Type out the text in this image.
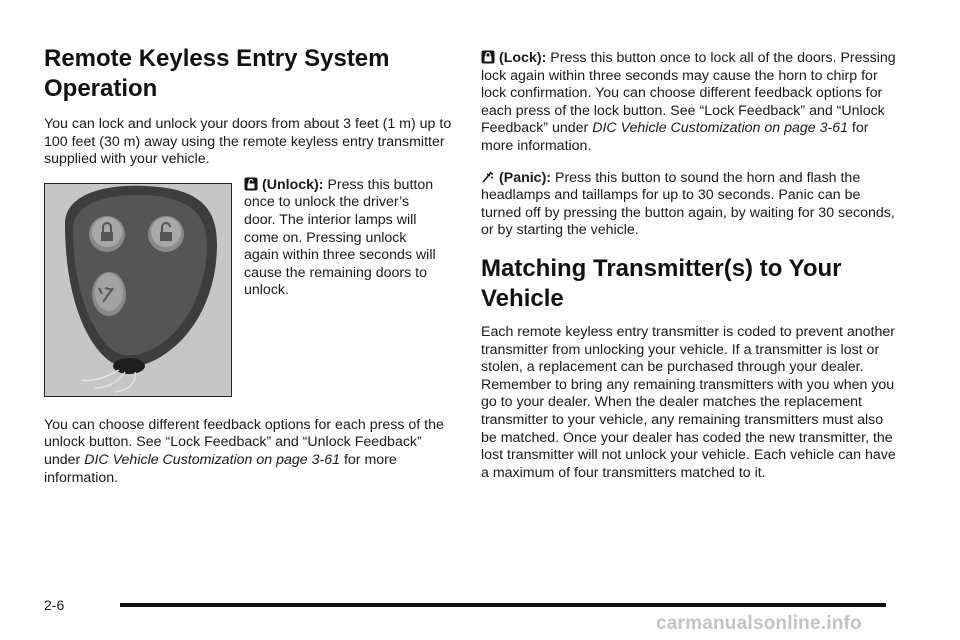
Remote Keyless Entry System Operation

You can lock and unlock your doors from about 3 feet (1 m) up to 100 feet (30 m) away using the remote keyless entry transmitter supplied with your vehicle.

(Unlock): Press this button once to unlock the driver’s door. The interior lamps will come on. Pressing unlock again within three seconds will cause the remaining doors to unlock.

You can choose different feedback options for each press of the unlock button. See “Lock Feedback” and “Unlock Feedback” under DIC Vehicle Customization on page 3-61 for more information.

(Lock): Press this button once to lock all of the doors. Pressing lock again within three seconds may cause the horn to chirp for lock confirmation. You can choose different feedback options for each press of the lock button. See “Lock Feedback” and “Unlock Feedback” under DIC Vehicle Customization on page 3-61 for more information.

(Panic): Press this button to sound the horn and flash the headlamps and taillamps for up to 30 seconds. Panic can be turned off by pressing the button again, by waiting for 30 seconds, or by starting the vehicle.

Matching Transmitter(s) to Your Vehicle

Each remote keyless entry transmitter is coded to prevent another transmitter from unlocking your vehicle. If a transmitter is lost or stolen, a replacement can be purchased through your dealer. Remember to bring any remaining transmitters with you when you go to your dealer. When the dealer matches the replacement transmitter to your vehicle, any remaining transmitters must also be matched. Once your dealer has coded the new transmitter, the lost transmitter will not unlock your vehicle. Each vehicle can have a maximum of four transmitters matched to it.

2-6
carmanualsonline.info
